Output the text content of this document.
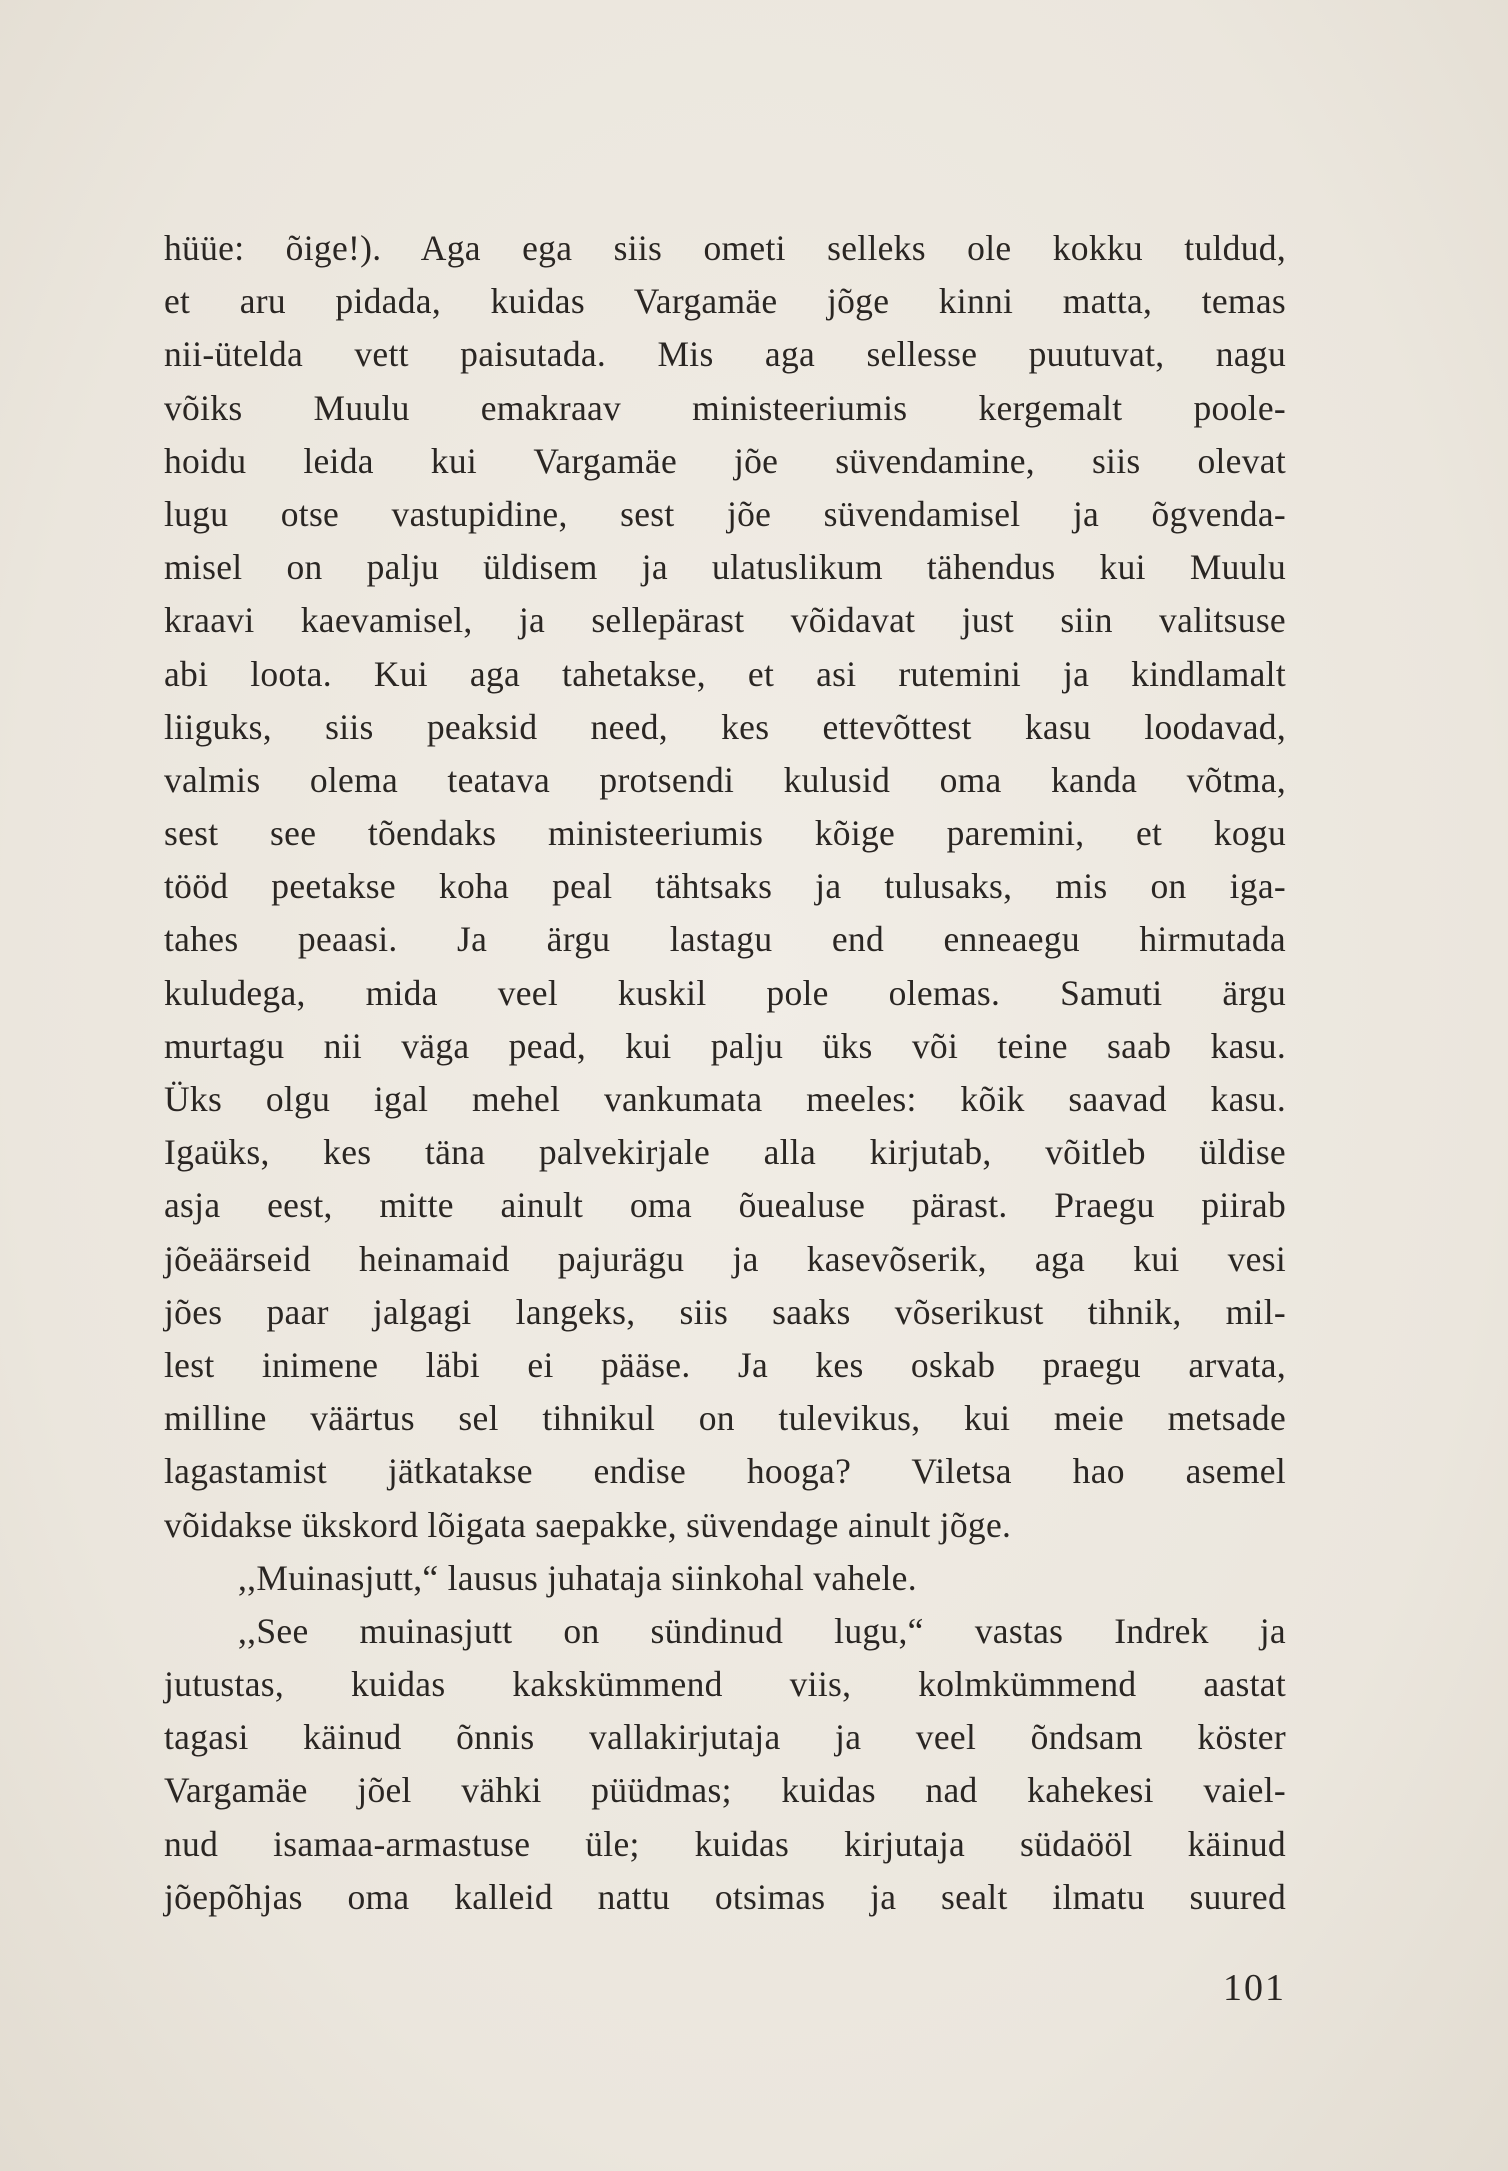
hüüe: õige!). Aga ega siis ometi selleks ole kokku tuldud,
et aru pidada, kuidas Vargamäe jõge kinni matta, temas
nii-ütelda vett paisutada. Mis aga sellesse puutuvat, nagu
võiks Muulu emakraav ministeeriumis kergemalt poole-
hoidu leida kui Vargamäe jõe süvendamine, siis olevat
lugu otse vastupidine, sest jõe süvendamisel ja õgvenda-
misel on palju üldisem ja ulatuslikum tähendus kui Muulu
kraavi kaevamisel, ja sellepärast võidavat just siin valitsuse
abi loota. Kui aga tahetakse, et asi rutemini ja kindlamalt
liiguks, siis peaksid need, kes ettevõttest kasu loodavad,
valmis olema teatava protsendi kulusid oma kanda võtma,
sest see tõendaks ministeeriumis kõige paremini, et kogu
tööd peetakse koha peal tähtsaks ja tulusaks, mis on iga-
tahes peaasi. Ja ärgu lastagu end enneaegu hirmutada
kuludega, mida veel kuskil pole olemas. Samuti ärgu
murtagu nii väga pead, kui palju üks või teine saab kasu.
Üks olgu igal mehel vankumata meeles: kõik saavad kasu.
Igaüks, kes täna palvekirjale alla kirjutab, võitleb üldise
asja eest, mitte ainult oma õuealuse pärast. Praegu piirab
jõeäärseid heinamaid pajurägu ja kasevõserik, aga kui vesi
jões paar jalgagi langeks, siis saaks võserikust tihnik, mil-
lest inimene läbi ei pääse. Ja kes oskab praegu arvata,
milline väärtus sel tihnikul on tulevikus, kui meie metsade
lagastamist jätkatakse endise hooga? Viletsa hao asemel
võidakse ükskord lõigata saepakke, süvendage ainult jõge.
,,Muinasjutt,“ lausus juhataja siinkohal vahele.
,,See muinasjutt on sündinud lugu,“ vastas Indrek ja
jutustas, kuidas kakskümmend viis, kolmkümmend aastat
tagasi käinud õnnis vallakirjutaja ja veel õndsam köster
Vargamäe jõel vähki püüdmas; kuidas nad kahekesi vaiel-
nud isamaa-armastuse üle; kuidas kirjutaja südaööl käinud
jõepõhjas oma kalleid nattu otsimas ja sealt ilmatu suured
101
